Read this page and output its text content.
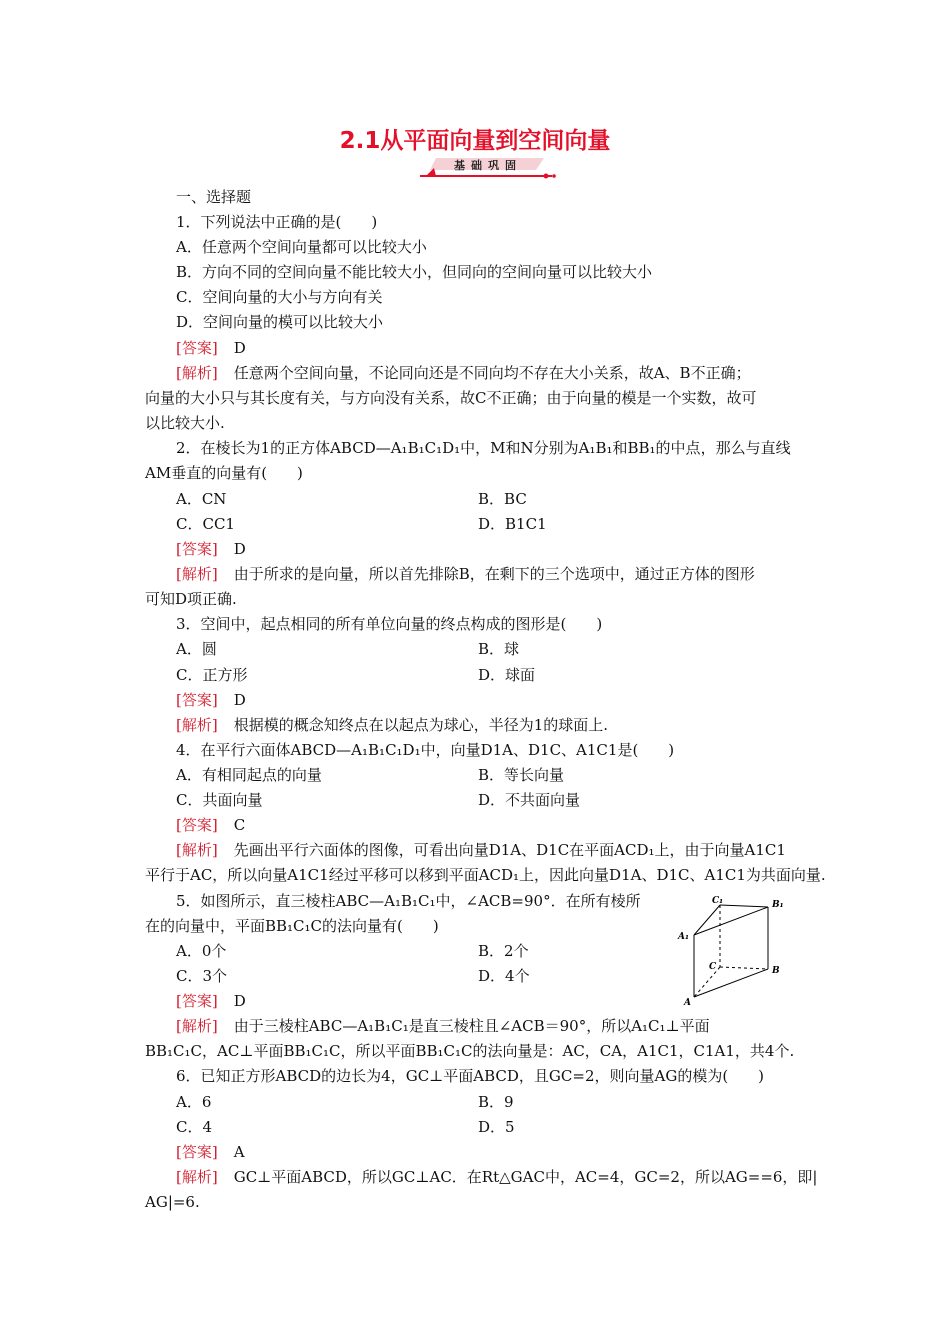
2.1从平面向量到空间向量
基础巩固
一、选择题
1．下列说法中正确的是(　　)
A．任意两个空间向量都可以比较大小
B．方向不同的空间向量不能比较大小，但同向的空间向量可以比较大小
C．空间向量的大小与方向有关
D．空间向量的模可以比较大小
[答案] D
[解析] 任意两个空间向量，不论同向还是不同向均不存在大小关系，故A、B不正确；
向量的大小只与其长度有关，与方向没有关系，故C不正确；由于向量的模是一个实数，故可
以比较大小.
2．在棱长为1的正方体ABCD—A₁B₁C₁D₁中，M和N分别为A₁B₁和BB₁的中点，那么与直线
AM垂直的向量有(　　)
A．CN	B．BC
C．CC1	D．B1C1
[答案] D
[解析] 由于所求的是向量，所以首先排除B，在剩下的三个选项中，通过正方体的图形
可知D项正确.
3．空间中，起点相同的所有单位向量的终点构成的图形是(　　)
A．圆	B．球
C．正方形	D．球面
[答案] D
[解析] 根据模的概念知终点在以起点为球心，半径为1的球面上.
4．在平行六面体ABCD—A₁B₁C₁D₁中，向量D1A、D1C、A1C1是(　　)
A．有相同起点的向量	B．等长向量
C．共面向量	D．不共面向量
[答案] C
[解析] 先画出平行六面体的图像，可看出向量D1A、D1C在平面ACD₁上，由于向量A1C1
平行于AC，所以向量A1C1经过平移可以移到平面ACD₁上，因此向量D1A、D1C、A1C1为共面向量.
5．如图所示，直三棱柱ABC—A₁B₁C₁中，∠ACB=90°．在所有棱所
在的向量中，平面BB₁C₁C的法向量有(　　)
A．0个	B．2个
C．3个	D．4个
[答案] D
[解析] 由于三棱柱ABC—A₁B₁C₁是直三棱柱且∠ACB＝90°，所以A₁C₁⊥平面
BB₁C₁C，AC⊥平面BB₁C₁C，所以平面BB₁C₁C的法向量是：AC，CA，A1C1，C1A1，共4个.
C₁	B₁
A₁
C	B
A
6．已知正方形ABCD的边长为4，GC⊥平面ABCD，且GC=2，则向量AG的模为(　　)
A．6	B．9
C．4	D．5
[答案] A
[解析] GC⊥平面ABCD，所以GC⊥AC．在Rt△GAC中，AC=4，GC=2，所以AG==6，即|
AG|=6.
